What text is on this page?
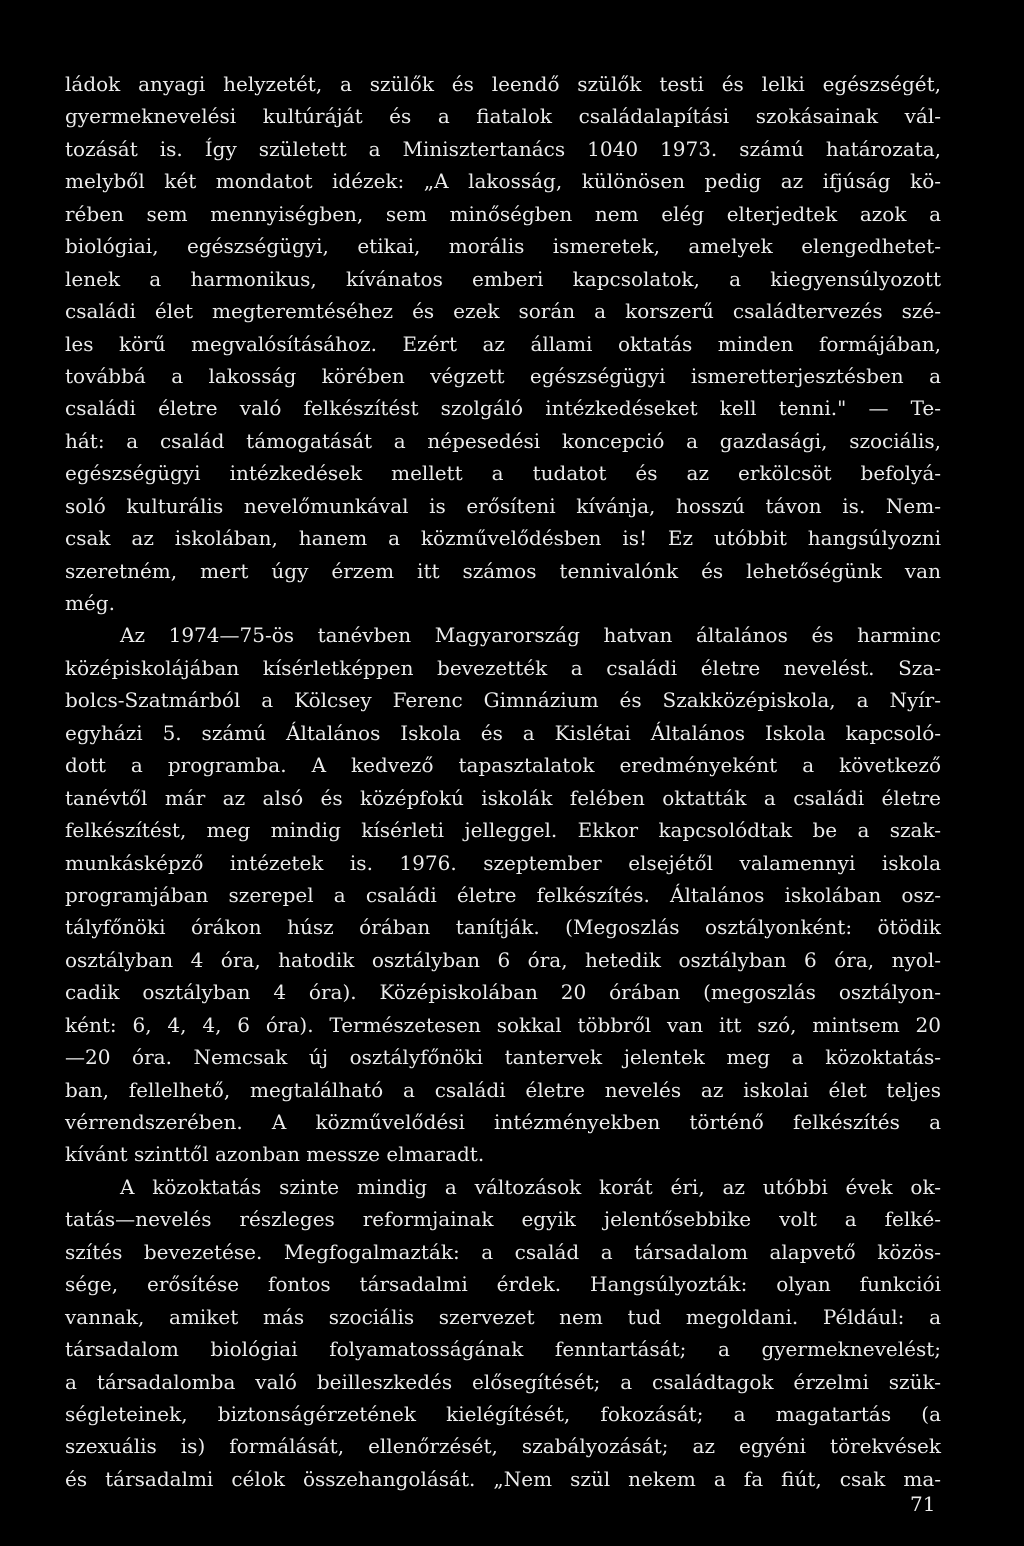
ládok anyagi helyzetét, a szülők és leendő szülők testi és lelki egészségét,
gyermeknevelési kultúráját és a fiatalok családalapítási szokásainak vál-
tozását is. Így született a Minisztertanács 1040 1973. számú határozata,
melyből két mondatot idézek: „A lakosság, különösen pedig az ifjúság kö-
rében sem mennyiségben, sem minőségben nem elég elterjedtek azok a
biológiai, egészségügyi, etikai, morális ismeretek, amelyek elengedhetet-
lenek a harmonikus, kívánatos emberi kapcsolatok, a kiegyensúlyozott
családi élet megteremtéséhez és ezek során a korszerű családtervezés szé-
les körű megvalósításához. Ezért az állami oktatás minden formájában,
továbbá a lakosság körében végzett egészségügyi ismeretterjesztésben a
családi életre való felkészítést szolgáló intézkedéseket kell tenni." — Te-
hát: a család támogatását a népesedési koncepció a gazdasági, szociális,
egészségügyi intézkedések mellett a tudatot és az erkölcsöt befolyá-
soló kulturális nevelőmunkával is erősíteni kívánja, hosszú távon is. Nem-
csak az iskolában, hanem a közművelődésben is! Ez utóbbit hangsúlyozni
szeretném, mert úgy érzem itt számos tennivalónk és lehetőségünk van
még.
Az 1974—75-ös tanévben Magyarország hatvan általános és harminc
középiskolájában kísérletképpen bevezették a családi életre nevelést. Sza-
bolcs-Szatmárból a Kölcsey Ferenc Gimnázium és Szakközépiskola, a Nyír-
egyházi 5. számú Általános Iskola és a Kislétai Általános Iskola kapcsoló-
dott a programba. A kedvező tapasztalatok eredményeként a következő
tanévtől már az alsó és középfokú iskolák felében oktatták a családi életre
felkészítést, meg mindig kísérleti jelleggel. Ekkor kapcsolódtak be a szak-
munkásképző intézetek is. 1976. szeptember elsejétől valamennyi iskola
programjában szerepel a családi életre felkészítés. Általános iskolában osz-
tályfőnöki órákon húsz órában tanítják. (Megoszlás osztályonként: ötödik
osztályban 4 óra, hatodik osztályban 6 óra, hetedik osztályban 6 óra, nyol-
cadik osztályban 4 óra). Középiskolában 20 órában (megoszlás osztályon-
ként: 6, 4, 4, 6 óra). Természetesen sokkal többről van itt szó, mintsem 20
—20 óra. Nemcsak új osztályfőnöki tantervek jelentek meg a közoktatás-
ban, fellelhető, megtalálható a családi életre nevelés az iskolai élet teljes
vérrendszerében. A közművelődési intézményekben történő felkészítés a
kívánt szinttől azonban messze elmaradt.
A közoktatás szinte mindig a változások korát éri, az utóbbi évek ok-
tatás—nevelés részleges reformjainak egyik jelentősebbike volt a felké-
szítés bevezetése. Megfogalmazták: a család a társadalom alapvető közös-
sége, erősítése fontos társadalmi érdek. Hangsúlyozták: olyan funkciói
vannak, amiket más szociális szervezet nem tud megoldani. Például: a
társadalom biológiai folyamatosságának fenntartását; a gyermeknevelést;
a társadalomba való beilleszkedés elősegítését; a családtagok érzelmi szük-
ségleteinek, biztonságérzetének kielégítését, fokozását; a magatartás (a
szexuális is) formálását, ellenőrzését, szabályozását; az egyéni törekvések
és társadalmi célok összehangolását. „Nem szül nekem a fa fiút, csak ma-
71
